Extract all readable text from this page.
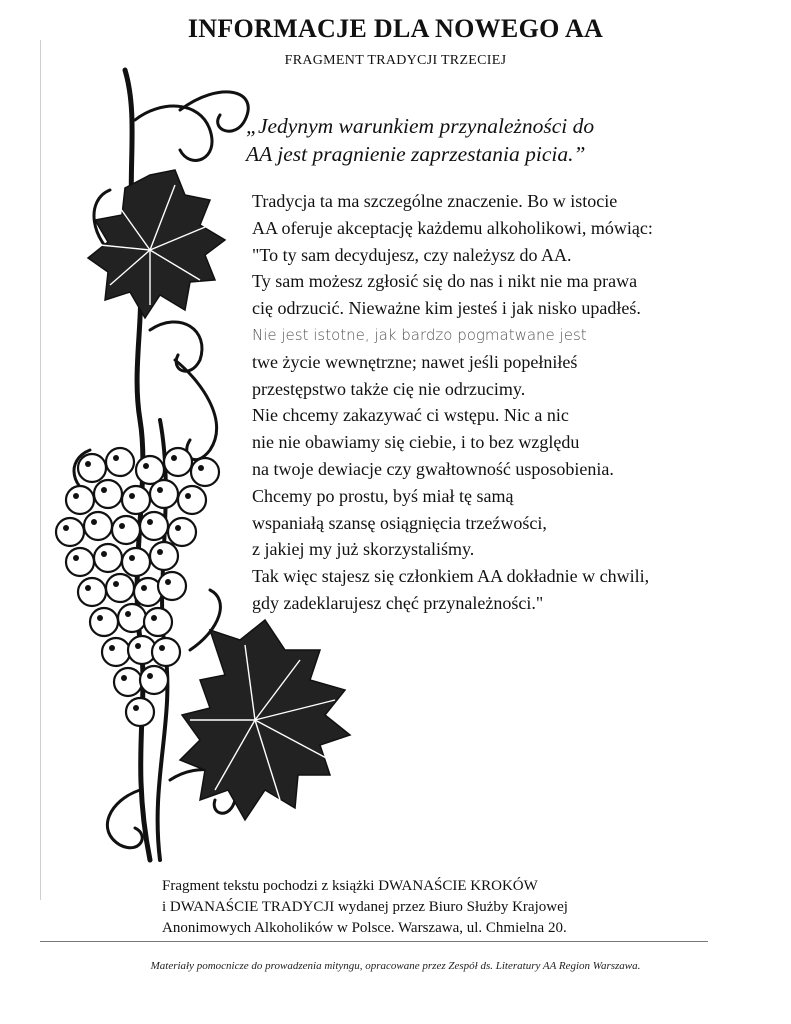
INFORMACJE DLA NOWEGO AA
FRAGMENT TRADYCJI TRZECIEJ
„Jedynym warunkiem przynależności do
AA jest pragnienie zaprzestania picia.”
Tradycja ta ma szczególne znaczenie. Bo w istocie
AA oferuje akceptację każdemu alkoholikowi, mówiąc:
"To ty sam decydujesz, czy należysz do AA.
Ty sam możesz zgłosić się do nas i nikt nie ma prawa
cię odrzucić. Nieważne kim jesteś i jak nisko upadłeś.
Nie jest istotne, jak bardzo pogmatwane jest
twe życie wewnętrzne; nawet jeśli popełniłeś
przestępstwo także cię nie odrzucimy.
Nie chcemy zakazywać ci wstępu. Nic a nic
nie nie obawiamy się ciebie, i to bez względu
na twoje dewiacje czy gwałtowność usposobienia.
Chcemy po prostu, byś miał tę samą
wspaniałą szansę osiągnięcia trzeźwości,
z jakiej my już skorzystaliśmy.
Tak więc stajesz się członkiem AA dokładnie w chwili,
gdy zadeklarujesz chęć przynależności."
Fragment tekstu pochodzi z książki DWANAŚCIE KROKÓW
i DWANAŚCIE TRADYCJI wydanej przez Biuro Służby Krajowej
Anonimowych Alkoholików w Polsce. Warszawa, ul. Chmielna 20.
Materiały pomocnicze do prowadzenia mityngu, opracowane przez Zespół ds. Literatury AA Region Warszawa.
